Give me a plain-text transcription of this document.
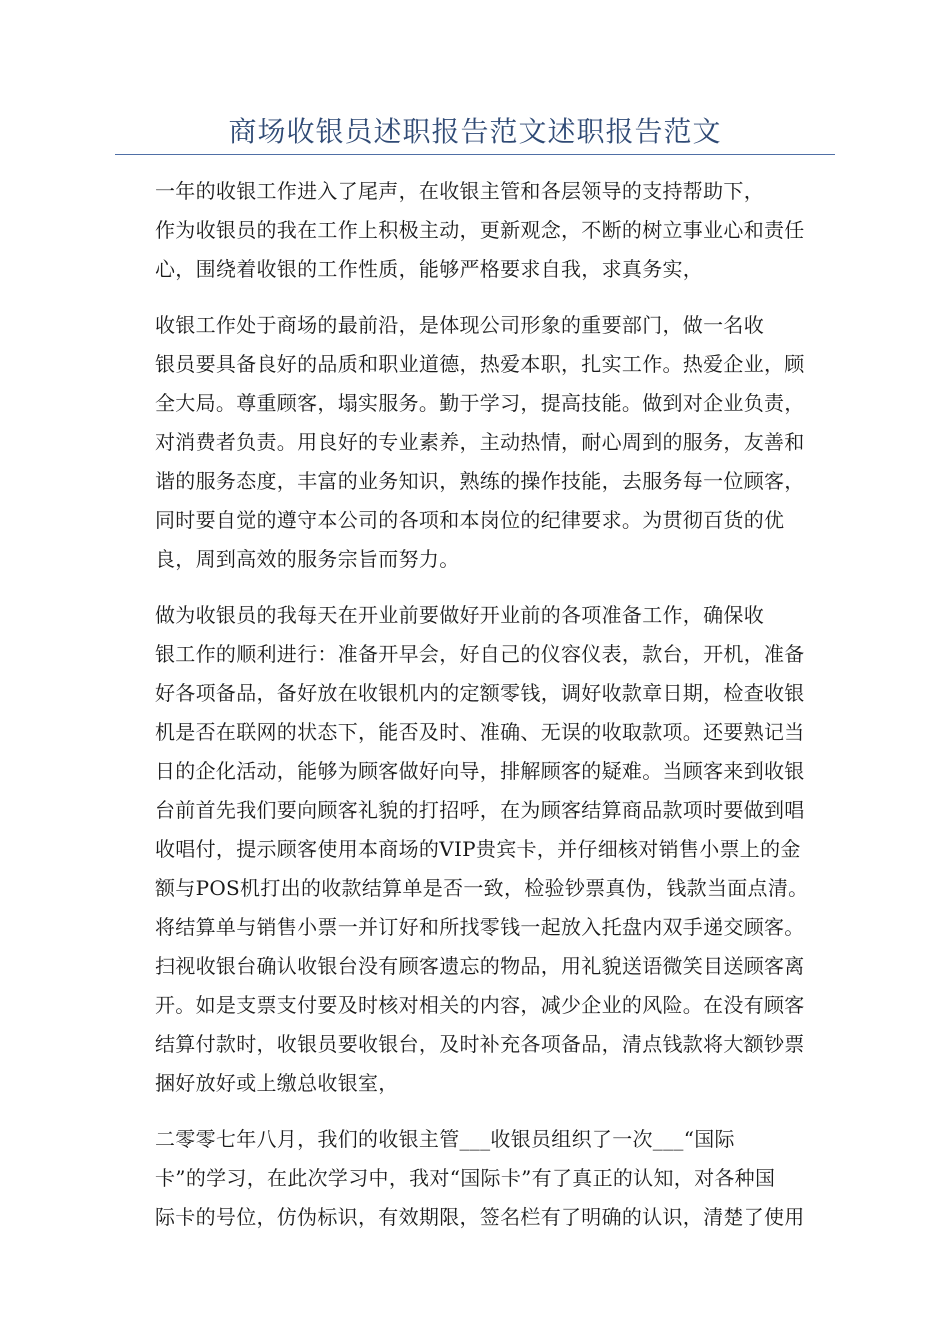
商场收银员述职报告范文述职报告范文

一年的收银工作进入了尾声，在收银主管和各层领导的支持帮助下，
作为收银员的我在工作上积极主动，更新观念，不断的树立事业心和责任
心，围绕着收银的工作性质，能够严格要求自我，求真务实，

收银工作处于商场的最前沿，是体现公司形象的重要部门，做一名收
银员要具备良好的品质和职业道德，热爱本职，扎实工作。热爱企业，顾
全大局。尊重顾客，塌实服务。勤于学习，提高技能。做到对企业负责，
对消费者负责。用良好的专业素养，主动热情，耐心周到的服务，友善和
谐的服务态度，丰富的业务知识，熟练的操作技能，去服务每一位顾客，
同时要自觉的遵守本公司的各项和本岗位的纪律要求。为贯彻百货的优
良，周到高效的服务宗旨而努力。

做为收银员的我每天在开业前要做好开业前的各项准备工作，确保收
银工作的顺利进行：准备开早会，好自己的仪容仪表，款台，开机，准备
好各项备品，备好放在收银机内的定额零钱，调好收款章日期，检查收银
机是否在联网的状态下，能否及时、准确、无误的收取款项。还要熟记当
日的企化活动，能够为顾客做好向导，排解顾客的疑难。当顾客来到收银
台前首先我们要向顾客礼貌的打招呼，在为顾客结算商品款项时要做到唱
收唱付，提示顾客使用本商场的VIP贵宾卡，并仔细核对销售小票上的金
额与POS机打出的收款结算单是否一致，检验钞票真伪，钱款当面点清。
将结算单与销售小票一并订好和所找零钱一起放入托盘内双手递交顾客。
扫视收银台确认收银台没有顾客遗忘的物品，用礼貌送语微笑目送顾客离
开。如是支票支付要及时核对相关的内容，减少企业的风险。在没有顾客
结算付款时，收银员要收银台，及时补充各项备品，清点钱款将大额钞票
捆好放好或上缴总收银室，

二零零七年八月，我们的收银主管___收银员组织了一次___“国际
卡”的学习，在此次学习中，我对“国际卡”有了真正的认知，对各种国
际卡的号位，仿伪标识，有效期限，签名栏有了明确的认识，清楚了使用
